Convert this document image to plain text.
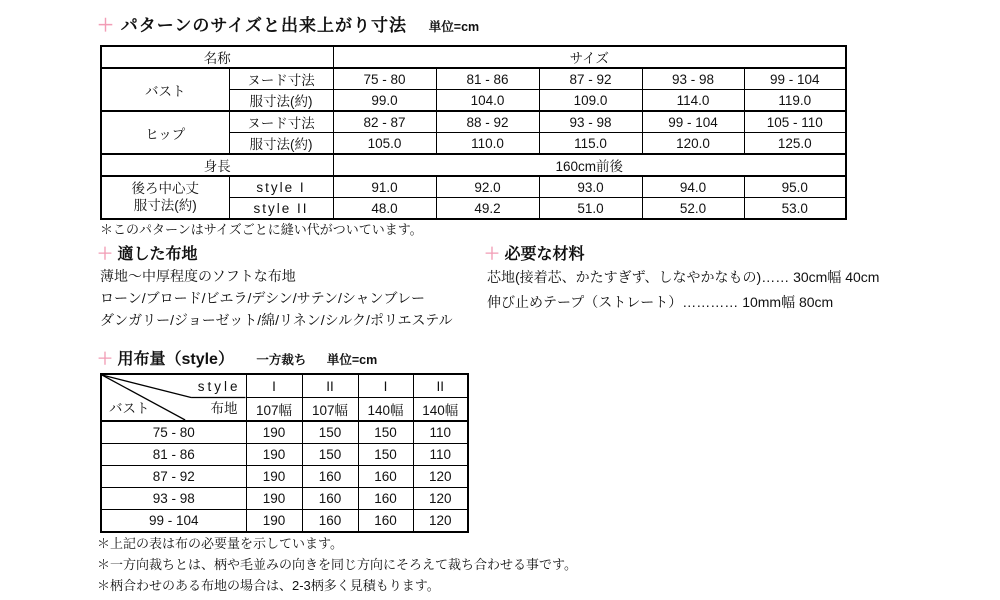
＋ パターンのサイズと出来上がり寸法 単位=cm
名称		サイズ				
バスト	ヌード寸法	75 - 80	81 - 86	87 - 92	93 - 98	99 - 104
	服寸法(約)	99.0	104.0	109.0	114.0	119.0
ヒップ	ヌード寸法	82 - 87	88 - 92	93 - 98	99 - 104	105 - 110
	服寸法(約)	105.0	110.0	115.0	120.0	125.0
身長		160cm前後				
後ろ中心丈
服寸法(約)	style I	91.0	92.0	93.0	94.0	95.0
	style II	48.0	49.2	51.0	52.0	53.0
＊このパターンはサイズごとに縫い代がついています。
＋ 適した布地
薄地〜中厚程度のソフトな布地
ローン/ブロード/ビエラ/デシン/サテン/シャンブレー
ダンガリー/ジョーゼット/綿/リネン/シルク/ポリエステル
＋ 必要な材料
芯地(接着芯、かたすぎず、しなやかなもの)…… 30cm幅 40cm
伸び止めテープ（ストレート）………… 10mm幅 80cm
＋ 用布量（style） 一方裁ち 単位=cm
style
布地
バスト	I	II	I	II
	107幅	107幅	140幅	140幅
75 - 80	190	150	150	110
81 - 86	190	150	150	110
87 - 92	190	160	160	120
93 - 98	190	160	160	120
99 - 104	190	160	160	120
＊上記の表は布の必要量を示しています。
＊一方向裁ちとは、柄や毛並みの向きを同じ方向にそろえて裁ち合わせる事です。
＊柄合わせのある布地の場合は、2-3柄多く見積もります。
